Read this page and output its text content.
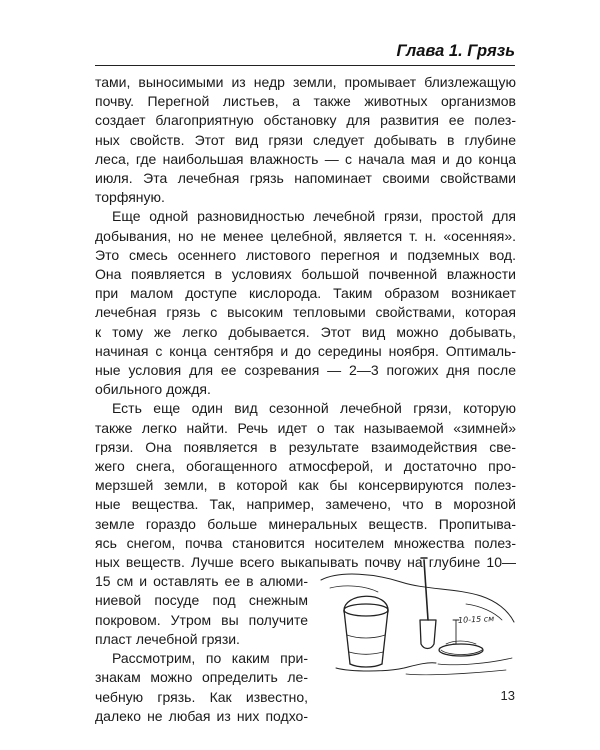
Глава 1. Грязь

тами, выносимыми из недр земли, промывает близлежащую
почву. Перегной листьев, а также животных организмов
создает благоприятную обстановку для развития ее полез-
ных свойств. Этот вид грязи следует добывать в глубине
леса, где наибольшая влажность — с начала мая и до конца
июля. Эта лечебная грязь напоминает своими свойствами
торфяную.

Еще одной разновидностью лечебной грязи, простой для
добывания, но не менее целебной, является т. н. «осенняя».
Это смесь осеннего листового перегноя и подземных вод.
Она появляется в условиях большой почвенной влажности
при малом доступе кислорода. Таким образом возникает
лечебная грязь с высоким тепловыми свойствами, которая
к тому же легко добывается. Этот вид можно добывать,
начиная с конца сентября и до середины ноября. Оптималь-
ные условия для ее созревания — 2—3 погожих дня после
обильного дождя.

Есть еще один вид сезонной лечебной грязи, которую
также легко найти. Речь идет о так называемой «зимней»
грязи. Она появляется в результате взаимодействия све-
жего снега, обогащенного атмосферой, и достаточно про-
мерзшей земли, в которой как бы консервируются полез-
ные вещества. Так, например, замечено, что в морозной
земле гораздо больше минеральных веществ. Пропитыва-
ясь снегом, почва становится носителем множества полез-
ных веществ. Лучше всего выкапывать почву на глубине 10—

15 см и оставлять ее в алюми-
ниевой посуде под снежным
покровом. Утром вы получите
пласт лечебной грязи.

Рассмотрим, по каким при-
знакам можно определить ле-
чебную грязь. Как известно,
далеко не любая из них подхо-

10-15 см
13
